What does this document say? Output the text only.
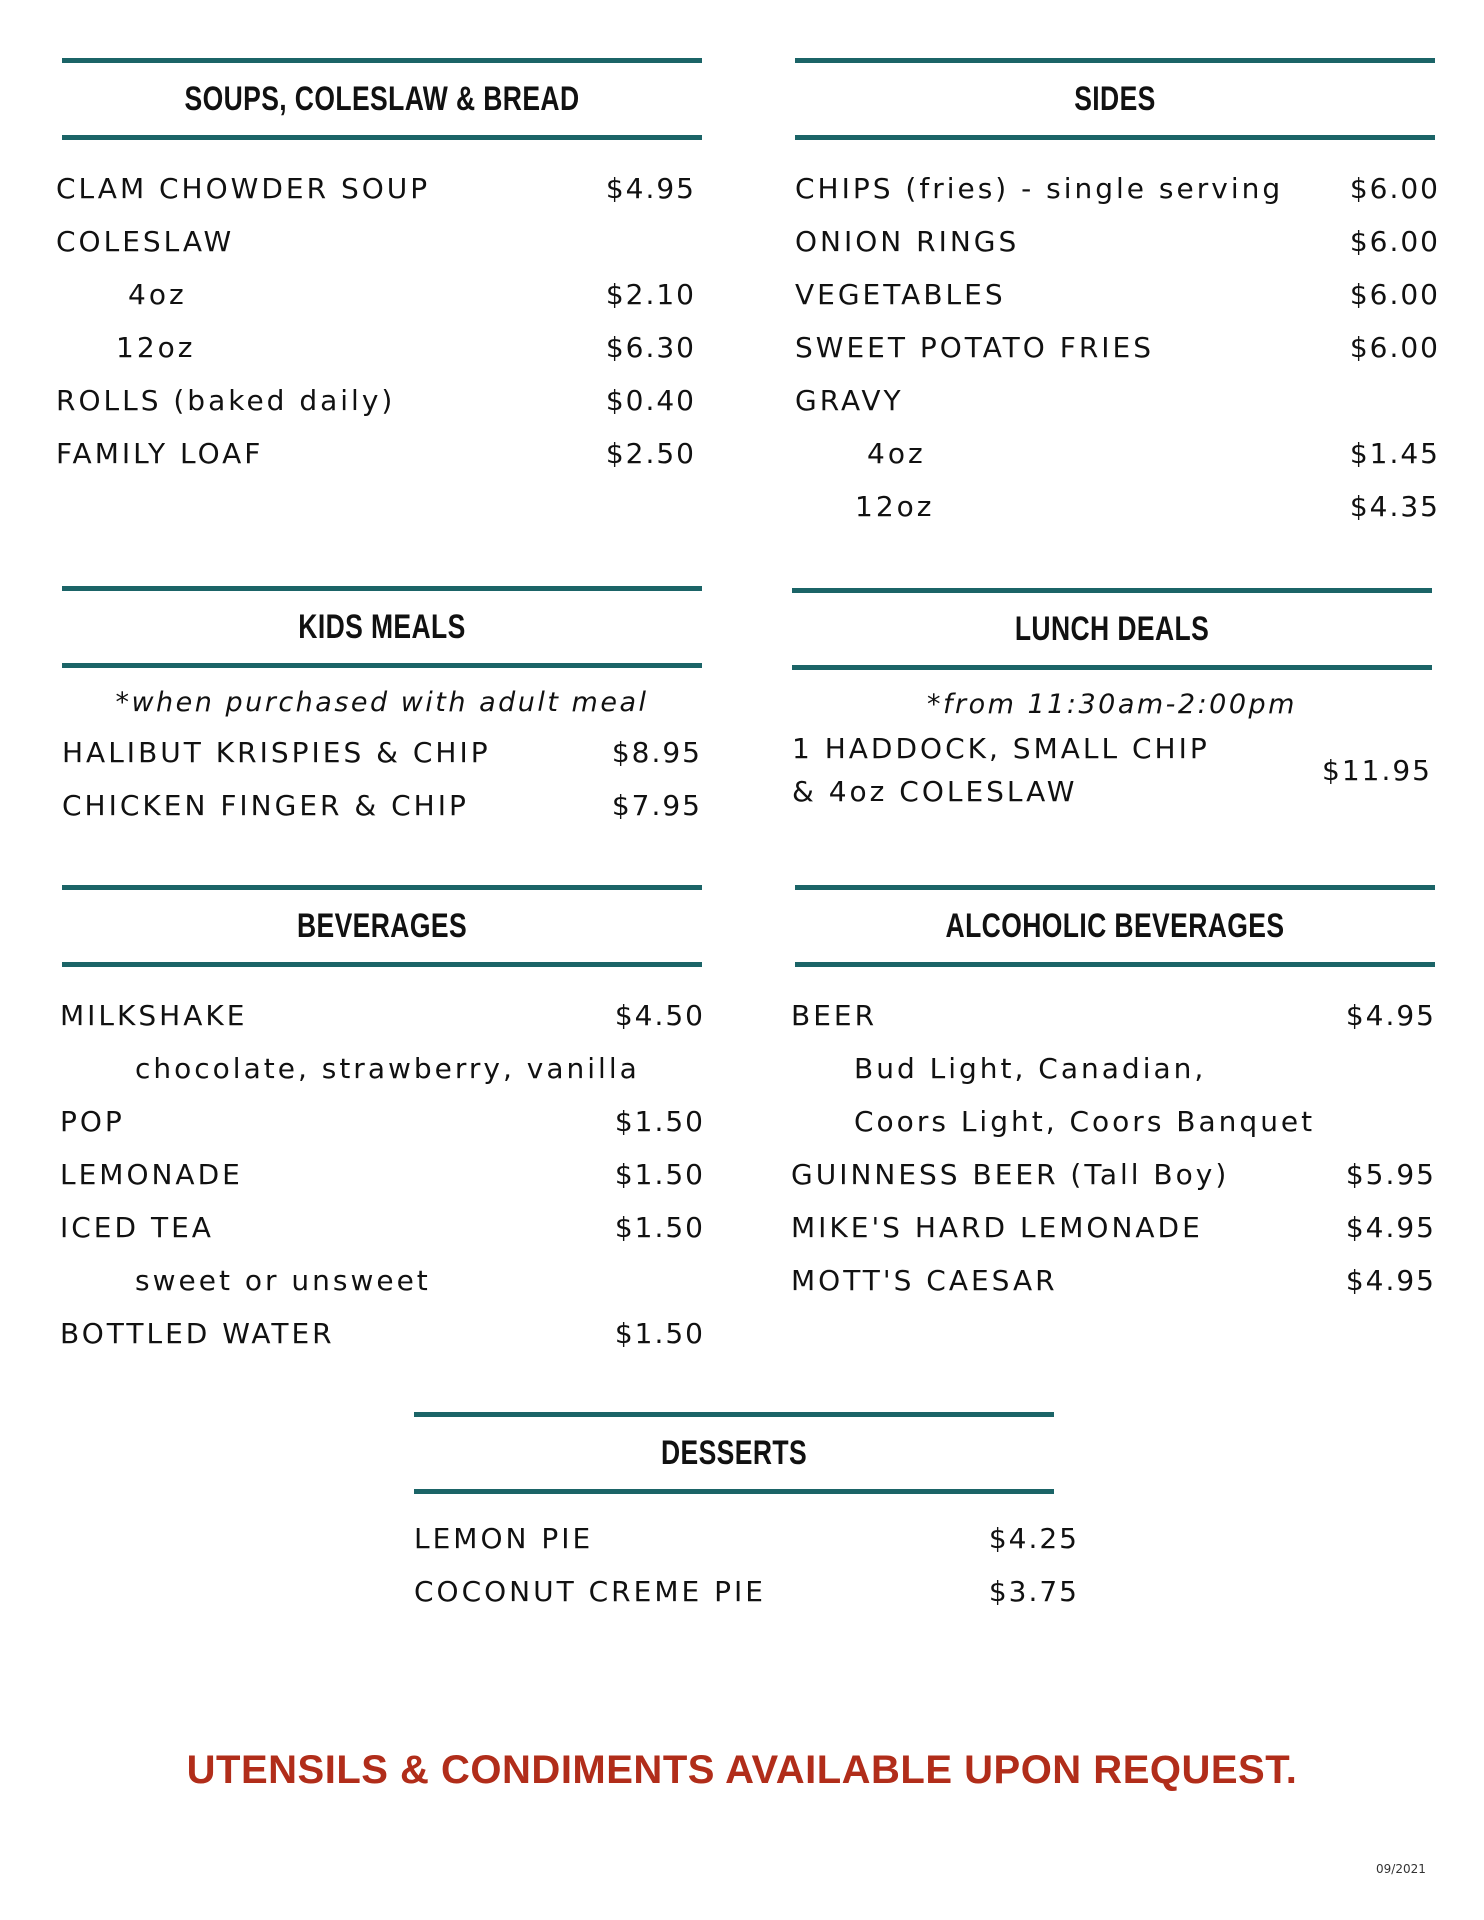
SOUPS, COLESLAW & BREAD
CLAM CHOWDER SOUP	$4.95
COLESLAW
4oz	$2.10
12oz	$6.30
ROLLS (baked daily)	$0.40
FAMILY LOAF	$2.50
SIDES
CHIPS (fries) - single serving $6.00
ONION RINGS	$6.00
VEGETABLES	$6.00
SWEET POTATO FRIES	$6.00
GRAVY
4oz	$1.45
12oz	$4.35
KIDS MEALS
*when purchased with adult meal
HALIBUT KRISPIES & CHIP	$8.95
CHICKEN FINGER & CHIP	$7.95
LUNCH DEALS
*from 11:30am-2:00pm
1 HADDOCK, SMALL CHIP
& 4oz COLESLAW
$11.95
BEVERAGES
MILKSHAKE	$4.50
chocolate, strawberry, vanilla
POP	$1.50
LEMONADE	$1.50
ICED TEA	$1.50
sweet or unsweet
BOTTLED WATER	$1.50
ALCOHOLIC BEVERAGES
BEER	$4.95
Bud Light, Canadian,
Coors Light, Coors Banquet
GUINNESS BEER (Tall Boy)	$5.95
MIKE'S HARD LEMONADE	$4.95
MOTT'S CAESAR	$4.95
DESSERTS
LEMON PIE	$4.25
COCONUT CREME PIE	$3.75
UTENSILS & CONDIMENTS AVAILABLE UPON REQUEST.
09/2021
